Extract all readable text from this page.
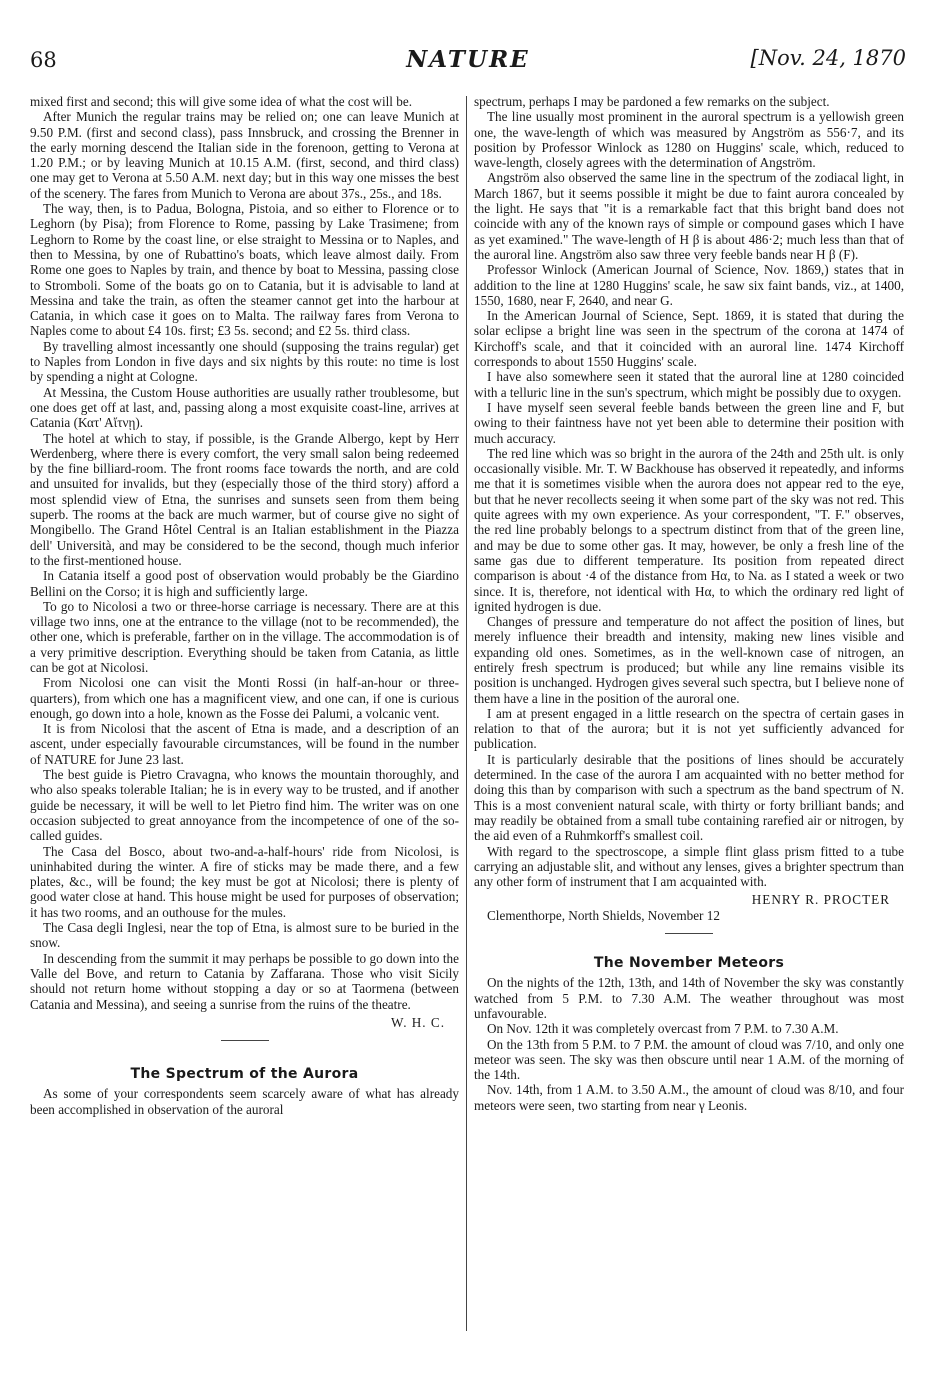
68	NATURE	[Nov. 24, 1870

mixed first and second; this will give some idea of what the cost will be.

After Munich the regular trains may be relied on; one can leave Munich at 9.50 P.M. (first and second class), pass Innsbruck, and crossing the Brenner in the early morning descend the Italian side in the forenoon, getting to Verona at 1.20 P.M.; or by leaving Munich at 10.15 A.M. (first, second, and third class) one may get to Verona at 5.50 A.M. next day; but in this way one misses the best of the scenery. The fares from Munich to Verona are about 37s., 25s., and 18s.

The way, then, is to Padua, Bologna, Pistoia, and so either to Florence or to Leghorn (by Pisa); from Florence to Rome, passing by Lake Trasimene; from Leghorn to Rome by the coast line, or else straight to Messina or to Naples, and then to Messina, by one of Rubattino's boats, which leave almost daily. From Rome one goes to Naples by train, and thence by boat to Messina, passing close to Stromboli. Some of the boats go on to Catania, but it is advisable to land at Messina and take the train, as often the steamer cannot get into the harbour at Catania, in which case it goes on to Malta. The railway fares from Verona to Naples come to about £4 10s. first; £3 5s. second; and £2 5s. third class.

By travelling almost incessantly one should (supposing the trains regular) get to Naples from London in five days and six nights by this route: no time is lost by spending a night at Cologne.

At Messina, the Custom House authorities are usually rather troublesome, but one does get off at last, and, passing along a most exquisite coast-line, arrives at Catania (Κατ' Αἴτνῃ).

The hotel at which to stay, if possible, is the Grande Albergo, kept by Herr Werdenberg, where there is every comfort, the very small salon being redeemed by the fine billiard-room. The front rooms face towards the north, and are cold and unsuited for invalids, but they (especially those of the third story) afford a most splendid view of Etna, the sunrises and sunsets seen from them being superb. The rooms at the back are much warmer, but of course give no sight of Mongibello. The Grand Hôtel Central is an Italian establishment in the Piazza dell' Università, and may be considered to be the second, though much inferior to the first-mentioned house.

In Catania itself a good post of observation would probably be the Giardino Bellini on the Corso; it is high and sufficiently large.

To go to Nicolosi a two or three-horse carriage is necessary. There are at this village two inns, one at the entrance to the village (not to be recommended), the other one, which is preferable, farther on in the village. The accommodation is of a very primitive description. Everything should be taken from Catania, as little can be got at Nicolosi.

From Nicolosi one can visit the Monti Rossi (in half-an-hour or three-quarters), from which one has a magnificent view, and one can, if one is curious enough, go down into a hole, known as the Fosse dei Palumi, a volcanic vent.

It is from Nicolosi that the ascent of Etna is made, and a description of an ascent, under especially favourable circumstances, will be found in the number of NATURE for June 23 last.

The best guide is Pietro Cravagna, who knows the mountain thoroughly, and who also speaks tolerable Italian; he is in every way to be trusted, and if another guide be necessary, it will be well to let Pietro find him. The writer was on one occasion subjected to great annoyance from the incompetence of one of the so-called guides.

The Casa del Bosco, about two-and-a-half-hours' ride from Nicolosi, is uninhabited during the winter. A fire of sticks may be made there, and a few plates, &c., will be found; the key must be got at Nicolosi; there is plenty of good water close at hand. This house might be used for purposes of observation; it has two rooms, and an outhouse for the mules.

The Casa degli Inglesi, near the top of Etna, is almost sure to be buried in the snow.

In descending from the summit it may perhaps be possible to go down into the Valle del Bove, and return to Catania by Zaffarana. Those who visit Sicily should not return home without stopping a day or so at Taormena (between Catania and Messina), and seeing a sunrise from the ruins of the theatre.

W. H. C.
The Spectrum of the Aurora

As some of your correspondents seem scarcely aware of what has already been accomplished in observation of the auroral

spectrum, perhaps I may be pardoned a few remarks on the subject.

The line usually most prominent in the auroral spectrum is a yellowish green one, the wave-length of which was measured by Angström as 556·7, and its position by Professor Winlock as 1280 on Huggins' scale, which, reduced to wave-length, closely agrees with the determination of Angström.

Angström also observed the same line in the spectrum of the zodiacal light, in March 1867, but it seems possible it might be due to faint aurora concealed by the light. He says that "it is a remarkable fact that this bright band does not coincide with any of the known rays of simple or compound gases which I have as yet examined." The wave-length of H β is about 486·2; much less than that of the auroral line. Angström also saw three very feeble bands near H β (F).

Professor Winlock (American Journal of Science, Nov. 1869,) states that in addition to the line at 1280 Huggins' scale, he saw six faint bands, viz., at 1400, 1550, 1680, near F, 2640, and near G.

In the American Journal of Science, Sept. 1869, it is stated that during the solar eclipse a bright line was seen in the spectrum of the corona at 1474 of Kirchoff's scale, and that it coincided with an auroral line. 1474 Kirchoff corresponds to about 1550 Huggins' scale.

I have also somewhere seen it stated that the auroral line at 1280 coincided with a telluric line in the sun's spectrum, which might be possibly due to oxygen.

I have myself seen several feeble bands between the green line and F, but owing to their faintness have not yet been able to determine their position with much accuracy.

The red line which was so bright in the aurora of the 24th and 25th ult. is only occasionally visible. Mr. T. W Backhouse has observed it repeatedly, and informs me that it is sometimes visible when the aurora does not appear red to the eye, but that he never recollects seeing it when some part of the sky was not red. This quite agrees with my own experience. As your correspondent, "T. F." observes, the red line probably belongs to a spectrum distinct from that of the green line, and may be due to some other gas. It may, however, be only a fresh line of the same gas due to different temperature. Its position from repeated direct comparison is about ·4 of the distance from Hα, to Na. as I stated a week or two since. It is, therefore, not identical with Hα, to which the ordinary red light of ignited hydrogen is due.

Changes of pressure and temperature do not affect the position of lines, but merely influence their breadth and intensity, making new lines visible and expanding old ones. Sometimes, as in the well-known case of nitrogen, an entirely fresh spectrum is produced; but while any line remains visible its position is unchanged. Hydrogen gives several such spectra, but I believe none of them have a line in the position of the auroral one.

I am at present engaged in a little research on the spectra of certain gases in relation to that of the aurora; but it is not yet sufficiently advanced for publication.

It is particularly desirable that the positions of lines should be accurately determined. In the case of the aurora I am acquainted with no better method for doing this than by comparison with such a spectrum as the band spectrum of N. This is a most convenient natural scale, with thirty or forty brilliant bands; and may readily be obtained from a small tube containing rarefied air or nitrogen, by the aid even of a Ruhmkorff's smallest coil.

With regard to the spectroscope, a simple flint glass prism fitted to a tube carrying an adjustable slit, and without any lenses, gives a brighter spectrum than any other form of instrument that I am acquainted with.

HENRY R. PROCTER

Clementhorpe, North Shields, November 12

The November Meteors

On the nights of the 12th, 13th, and 14th of November the sky was constantly watched from 5 P.M. to 7.30 A.M. The weather throughout was most unfavourable.

On Nov. 12th it was completely overcast from 7 P.M. to 7.30 A.M.

On the 13th from 5 P.M. to 7 P.M. the amount of cloud was 7/10, and only one meteor was seen. The sky was then obscure until near 1 A.M. of the morning of the 14th.

Nov. 14th, from 1 A.M. to 3.50 A.M., the amount of cloud was 8/10, and four meteors were seen, two starting from near γ Leonis.
